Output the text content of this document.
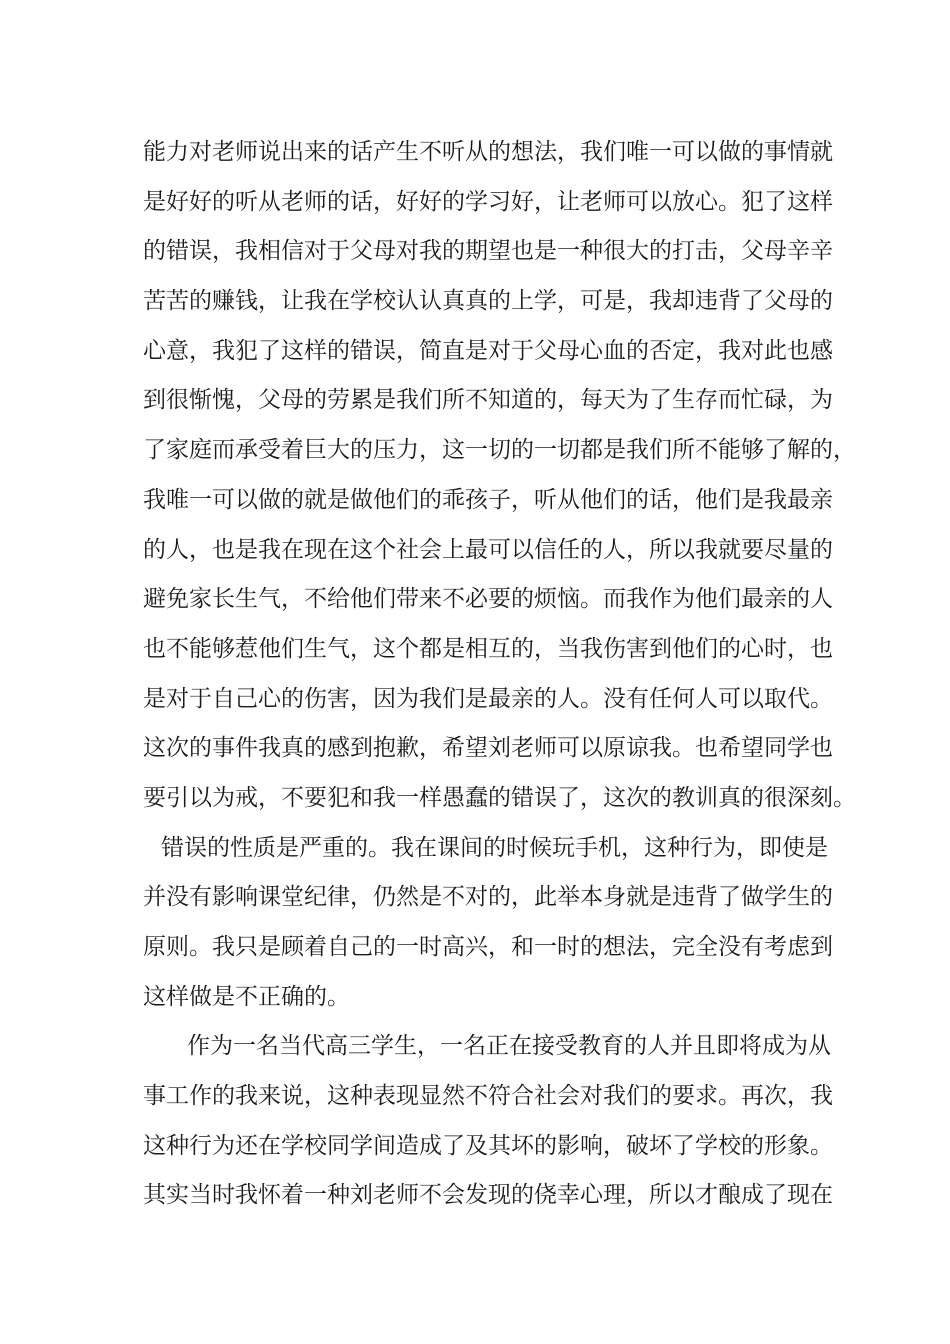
能力对老师说出来的话产生不听从的想法，我们唯一可以做的事情就
是好好的听从老师的话，好好的学习好，让老师可以放心。犯了这样
的错误，我相信对于父母对我的期望也是一种很大的打击，父母辛辛
苦苦的赚钱，让我在学校认认真真的上学，可是，我却违背了父母的
心意，我犯了这样的错误，简直是对于父母心血的否定，我对此也感
到很惭愧，父母的劳累是我们所不知道的，每天为了生存而忙碌，为
了家庭而承受着巨大的压力，这一切的一切都是我们所不能够了解的，
我唯一可以做的就是做他们的乖孩子，听从他们的话，他们是我最亲
的人，也是我在现在这个社会上最可以信任的人，所以我就要尽量的
避免家长生气，不给他们带来不必要的烦恼。而我作为他们最亲的人
也不能够惹他们生气，这个都是相互的，当我伤害到他们的心时，也
是对于自己心的伤害，因为我们是最亲的人。没有任何人可以取代。
这次的事件我真的感到抱歉，希望刘老师可以原谅我。也希望同学也
要引以为戒，不要犯和我一样愚蠢的错误了，这次的教训真的很深刻。
错误的性质是严重的。我在课间的时候玩手机，这种行为，即使是
并没有影响课堂纪律，仍然是不对的，此举本身就是违背了做学生的
原则。我只是顾着自己的一时高兴，和一时的想法，完全没有考虑到
这样做是不正确的。
作为一名当代高三学生，一名正在接受教育的人并且即将成为从
事工作的我来说，这种表现显然不符合社会对我们的要求。再次，我
这种行为还在学校同学间造成了及其坏的影响，破坏了学校的形象。
其实当时我怀着一种刘老师不会发现的侥幸心理，所以才酿成了现在
